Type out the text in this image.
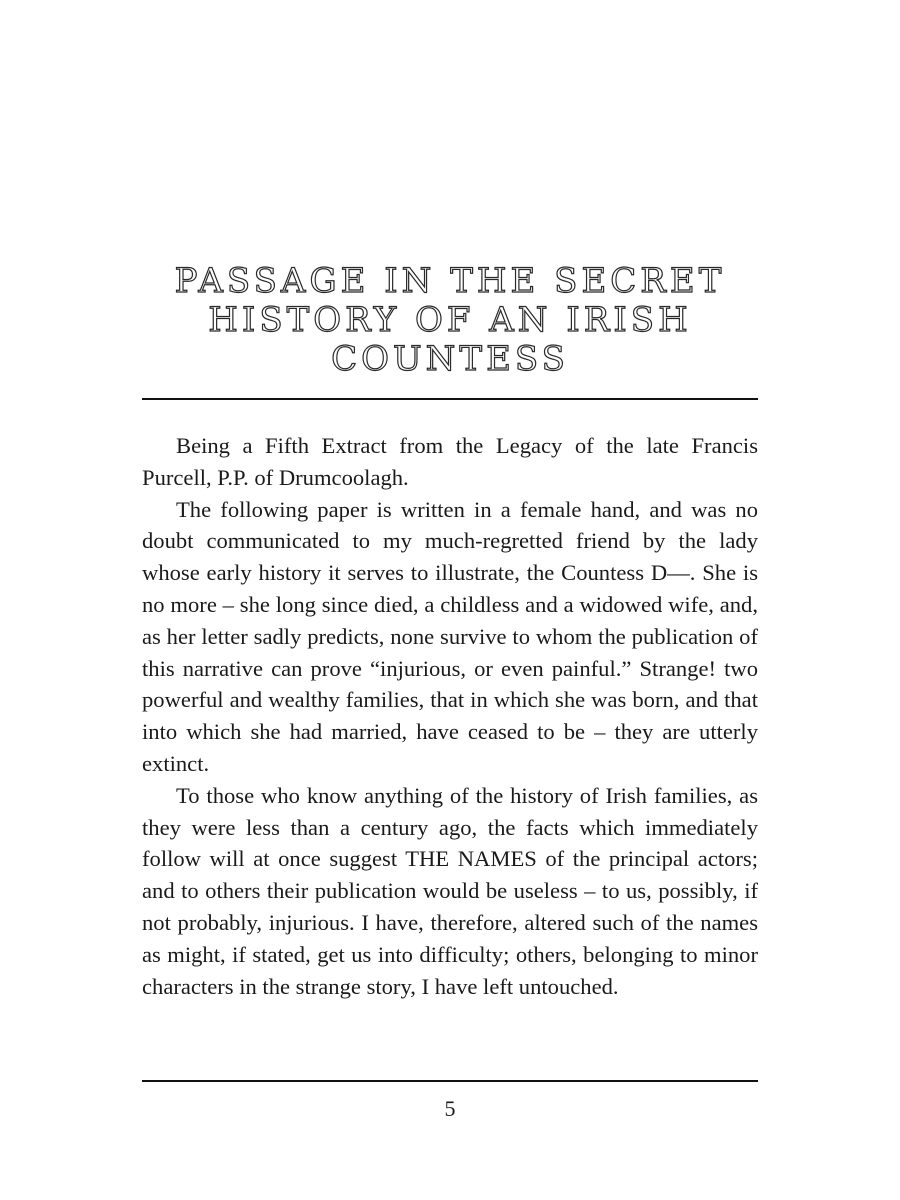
PASSAGE IN THE SECRET
HISTORY OF AN IRISH
COUNTESS

Being a Fifth Extract from the Legacy of the late Francis Purcell, P.P. of Drumcoolagh.

The following paper is written in a female hand, and was no doubt communicated to my much-regretted friend by the lady whose early history it serves to illustrate, the Countess D—. She is no more – she long since died, a childless and a widowed wife, and, as her letter sadly predicts, none survive to whom the publication of this narrative can prove “injurious, or even painful.” Strange! two powerful and wealthy families, that in which she was born, and that into which she had married, have ceased to be – they are utterly extinct.

To those who know anything of the history of Irish families, as they were less than a century ago, the facts which immediately follow will at once suggest THE NAMES of the principal actors; and to others their publication would be useless – to us, possibly, if not probably, injurious. I have, therefore, altered such of the names as might, if stated, get us into difficulty; others, belonging to minor characters in the strange story, I have left untouched.

5
